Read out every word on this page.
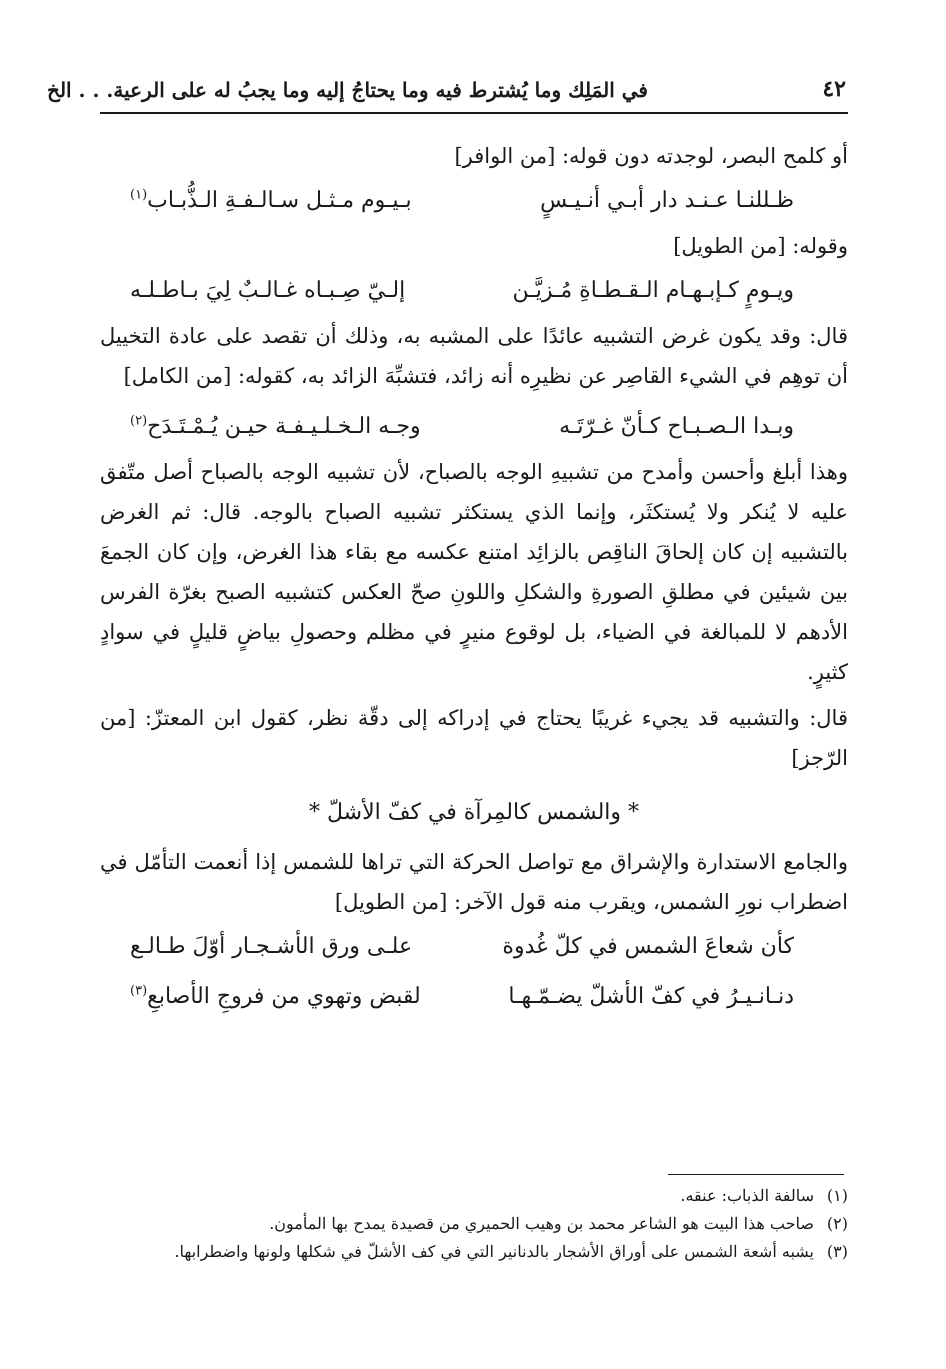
في المَلِك وما يُشترط فيه وما يحتاجُ إليه وما يجبُ له على الرعية. . . الخ	٤٢

أو كلمح البصر، لوجدته دون قوله: [من الوافر]

ظـللنـا عـنـد دار أبـي أنـيـسٍ
بـيـوم مـثـل سـالـفـةِ الـذُّبـاب$^{(١)}$

وقوله: [من الطويل]

ويـومٍ كـإبـهـام الـقـطـاةِ مُـزيَّـن
إلـيّ صِـبـاه غـالـبٌ لِيَ بـاطـلـه

قال: وقد يكون غرض التشبيه عائدًا على المشبه به، وذلك أن تقصد على عادة التخييل أن توهِم في الشيء القاصِر عن نظيرِه أنه زائد، فتشبِّهَ الزائد به، كقوله: [من الكامل]

وبـدا الـصـبـاح كـأنّ غـرّتَـه
وجـه الـخـلـيـفـة حيـن يُـمْـتَـدَح$^{(٢)}$

وهذا أبلغ وأحسن وأمدح من تشبيهِ الوجه بالصباح، لأن تشبيه الوجه بالصباح أصل متّفق عليه لا يُنكر ولا يُستكثَر، وإنما الذي يستكثر تشبيه الصباح بالوجه. قال: ثم الغرض بالتشبيه إن كان إلحاقَ الناقِص بالزائِد امتنع عكسه مع بقاء هذا الغرض، وإن كان الجمعَ بين شيئين في مطلقِ الصورةِ والشكلِ واللونِ صحّ العكس كتشبيه الصبح بغرّة الفرس الأدهم لا للمبالغة في الضياء، بل لوقوع منيرٍ في مظلم وحصولِ بياضٍ قليلٍ في سوادٍ كثيرٍ.

قال: والتشبيه قد يجيء غريبًا يحتاج في إدراكه إلى دقّة نظر، كقول ابن المعتزّ: [من الرّجز]

* والشمس كالمِرآة في كفّ الأشلّ *

والجامع الاستدارة والإشراق مع تواصل الحركة التي تراها للشمس إذا أنعمت التأمّل في اضطراب نورِ الشمس، ويقرب منه قول الآخر: [من الطويل]

كأن شعاعَ الشمس في كلّ غُدوة
علـى ورق الأشـجـار أوّلَ طـالـع
دنـانـيـرُ في كفّ الأشلّ يضـمّـهـا
لقبض وتهوي من فروجِ الأصابعِ$^{(٣)}$
(١)
سالفة الذباب: عنقه.
(٢)
صاحب هذا البيت هو الشاعر محمد بن وهيب الحميري من قصيدة يمدح بها المأمون.
(٣)
يشبه أشعة الشمس على أوراق الأشجار بالدنانير التي في كف الأشلّ في شكلها ولونها واضطرابها.
